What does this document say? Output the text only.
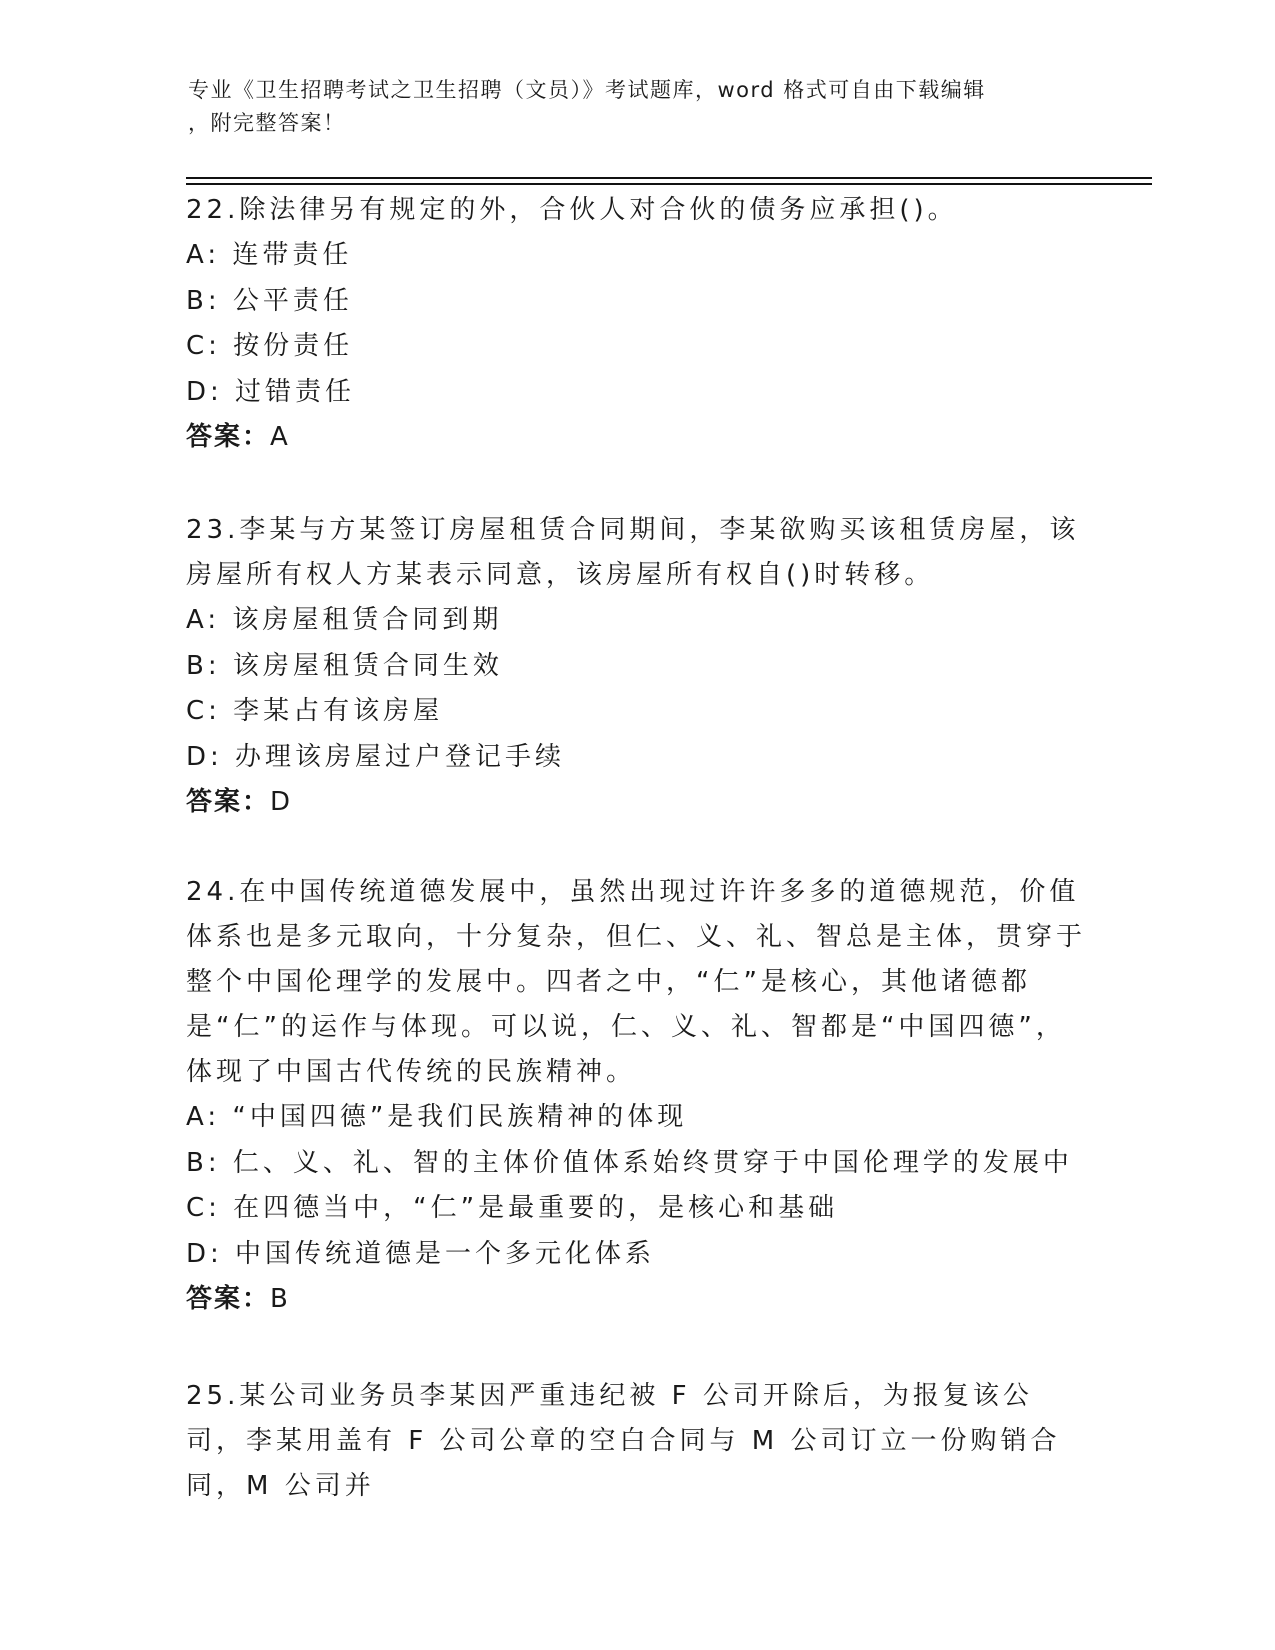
专业《卫生招聘考试之卫生招聘（文员）》考试题库，word 格式可自由下载编辑
，附完整答案！

22.除法律另有规定的外，合伙人对合伙的债务应承担()。

A: 连带责任

B: 公平责任

C: 按份责任

D: 过错责任

答案：A

23.李某与方某签订房屋租赁合同期间，李某欲购买该租赁房屋，该房屋所有权人方某表示同意，该房屋所有权自()时转移。

A: 该房屋租赁合同到期

B: 该房屋租赁合同生效

C: 李某占有该房屋

D: 办理该房屋过户登记手续

答案：D

24.在中国传统道德发展中，虽然出现过许许多多的道德规范，价值体系也是多元取向，十分复杂，但仁、义、礼、智总是主体，贯穿于整个中国伦理学的发展中。四者之中，“仁”是核心，其他诸德都是“仁”的运作与体现。可以说，仁、义、礼、智都是“中国四德”，体现了中国古代传统的民族精神。

A: “中国四德”是我们民族精神的体现

B: 仁、义、礼、智的主体价值体系始终贯穿于中国伦理学的发展中

C: 在四德当中，“仁”是最重要的，是核心和基础

D: 中国传统道德是一个多元化体系

答案：B

25.某公司业务员李某因严重违纪被 F 公司开除后，为报复该公司，李某用盖有 F 公司公章的空白合同与 M 公司订立一份购销合同，M 公司并
